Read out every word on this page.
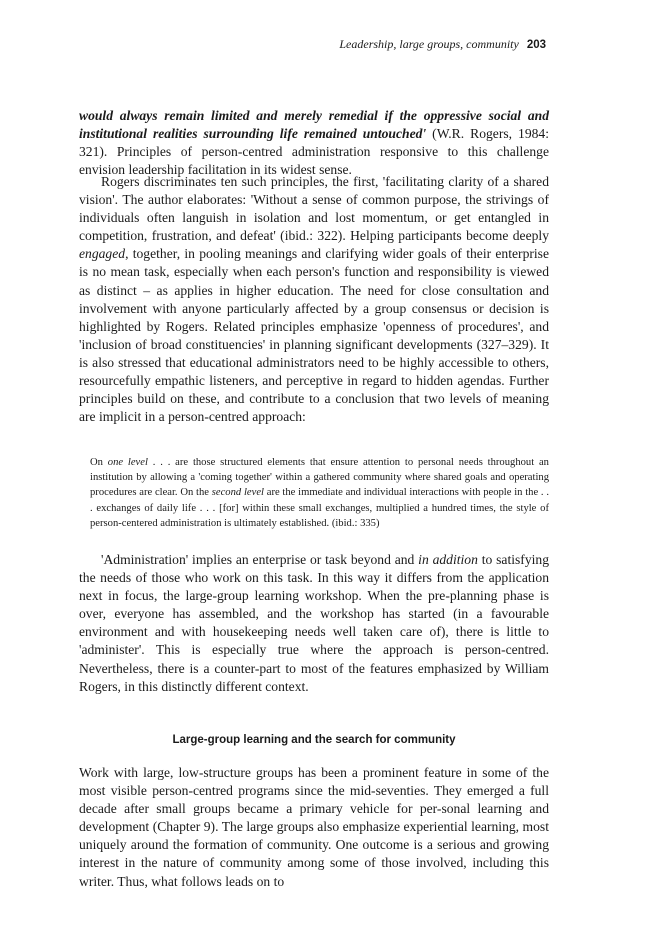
Leadership, large groups, community 203

would always remain limited and merely remedial if the oppressive social and institutional realities surrounding life remained untouched' (W.R. Rogers, 1984: 321). Principles of person-centred administration responsive to this challenge envision leadership facilitation in its widest sense.

Rogers discriminates ten such principles, the first, 'facilitating clarity of a shared vision'. The author elaborates: 'Without a sense of common purpose, the strivings of individuals often languish in isolation and lost momentum, or get entangled in competition, frustration, and defeat' (ibid.: 322). Helping participants become deeply engaged, together, in pooling meanings and clarifying wider goals of their enterprise is no mean task, especially when each person's function and responsibility is viewed as distinct – as applies in higher education. The need for close consultation and involvement with anyone particularly affected by a group consensus or decision is highlighted by Rogers. Related principles emphasize 'openness of procedures', and 'inclusion of broad constituencies' in planning significant developments (327–329). It is also stressed that educational administrators need to be highly accessible to others, resourcefully empathic listeners, and perceptive in regard to hidden agendas. Further principles build on these, and contribute to a conclusion that two levels of meaning are implicit in a person-centred approach:

On one level . . . are those structured elements that ensure attention to personal needs throughout an institution by allowing a 'coming together' within a gathered community where shared goals and operating procedures are clear. On the second level are the immediate and individual interactions with people in the . . . exchanges of daily life . . . [for] within these small exchanges, multiplied a hundred times, the style of person-centered administration is ultimately established. (ibid.: 335)

'Administration' implies an enterprise or task beyond and in addition to satisfying the needs of those who work on this task. In this way it differs from the application next in focus, the large-group learning workshop. When the pre-planning phase is over, everyone has assembled, and the workshop has started (in a favourable environment and with housekeeping needs well taken care of), there is little to 'administer'. This is especially true where the approach is person-centred. Nevertheless, there is a counter-part to most of the features emphasized by William Rogers, in this distinctly different context.

Large-group learning and the search for community

Work with large, low-structure groups has been a prominent feature in some of the most visible person-centred programs since the mid-seventies. They emerged a full decade after small groups became a primary vehicle for per-sonal learning and development (Chapter 9). The large groups also emphasize experiential learning, most uniquely around the formation of community. One outcome is a serious and growing interest in the nature of community among some of those involved, including this writer. Thus, what follows leads on to
